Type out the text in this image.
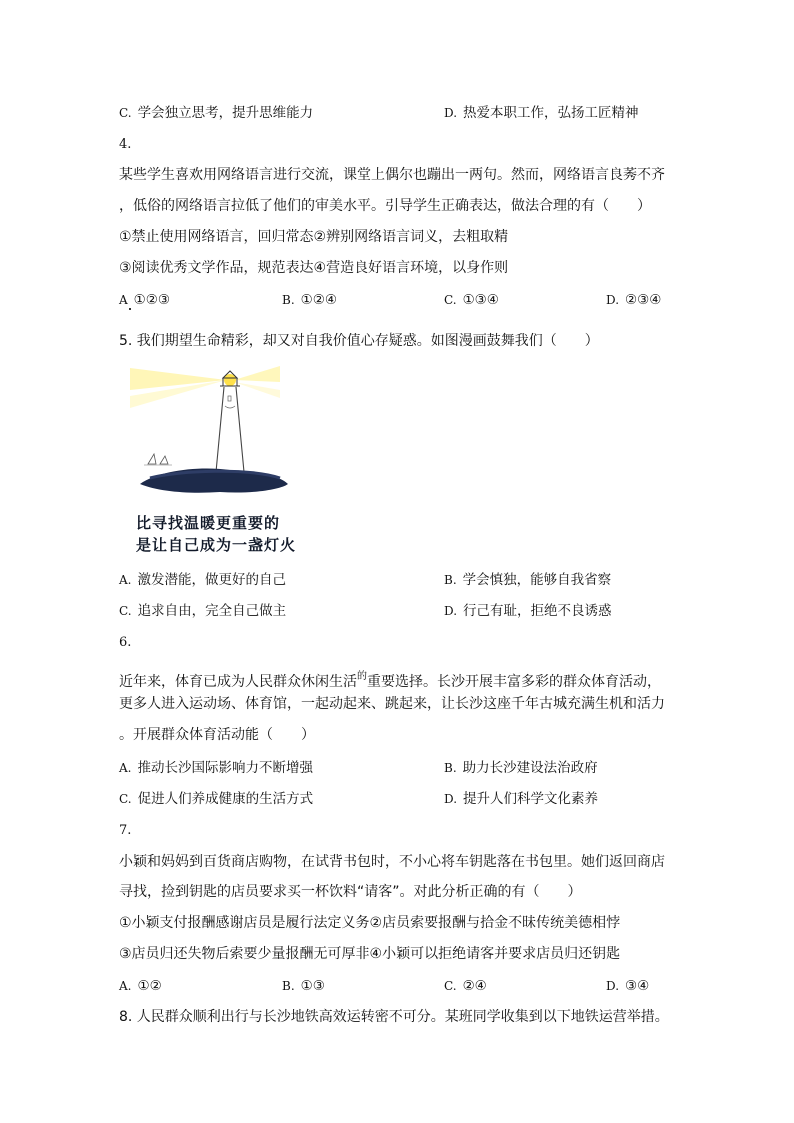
C. 学会独立思考，提升思维能力	D. 热爱本职工作，弘扬工匠精神
4.
某些学生喜欢用网络语言进行交流，课堂上偶尔也蹦出一两句。然而，网络语言良莠不齐
，低俗的网络语言拉低了他们的审美水平。引导学生正确表达，做法合理的有（　　）
①禁止使用网络语言，回归常态②辨别网络语言词义，去粗取精
③阅读优秀文学作品，规范表达④营造良好语言环境，以身作则
A ①②③	B. ①②④	C. ①③④	D. ②③④
5. 我们期望生命精彩，却又对自我价值心存疑惑。如图漫画鼓舞我们（　　）
比寻找温暖更重要的
是让自己成为一盏灯火
A. 激发潜能，做更好的自己	B. 学会慎独，能够自我省察
C. 追求自由，完全自己做主	D. 行己有耻，拒绝不良诱惑
6.
近年来，体育已成为人民群众休闲生活$^的$重要选择。长沙开展丰富多彩的群众体育活动，
更多人进入运动场、体育馆，一起动起来、跳起来，让长沙这座千年古城充满生机和活力
。开展群众体育活动能（　　）
A. 推动长沙国际影响力不断增强	B. 助力长沙建设法治政府
C. 促进人们养成健康的生活方式	D. 提升人们科学文化素养
7.
小颖和妈妈到百货商店购物，在试背书包时，不小心将车钥匙落在书包里。她们返回商店
寻找，捡到钥匙的店员要求买一杯饮料“请客”。对此分析正确的有（　　）
①小颖支付报酬感谢店员是履行法定义务②店员索要报酬与拾金不昧传统美德相悖
③店员归还失物后索要少量报酬无可厚非④小颖可以拒绝请客并要求店员归还钥匙
A. ①②	B. ①③	C. ②④	D. ③④
8. 人民群众顺利出行与长沙地铁高效运转密不可分。某班同学收集到以下地铁运营举措。
